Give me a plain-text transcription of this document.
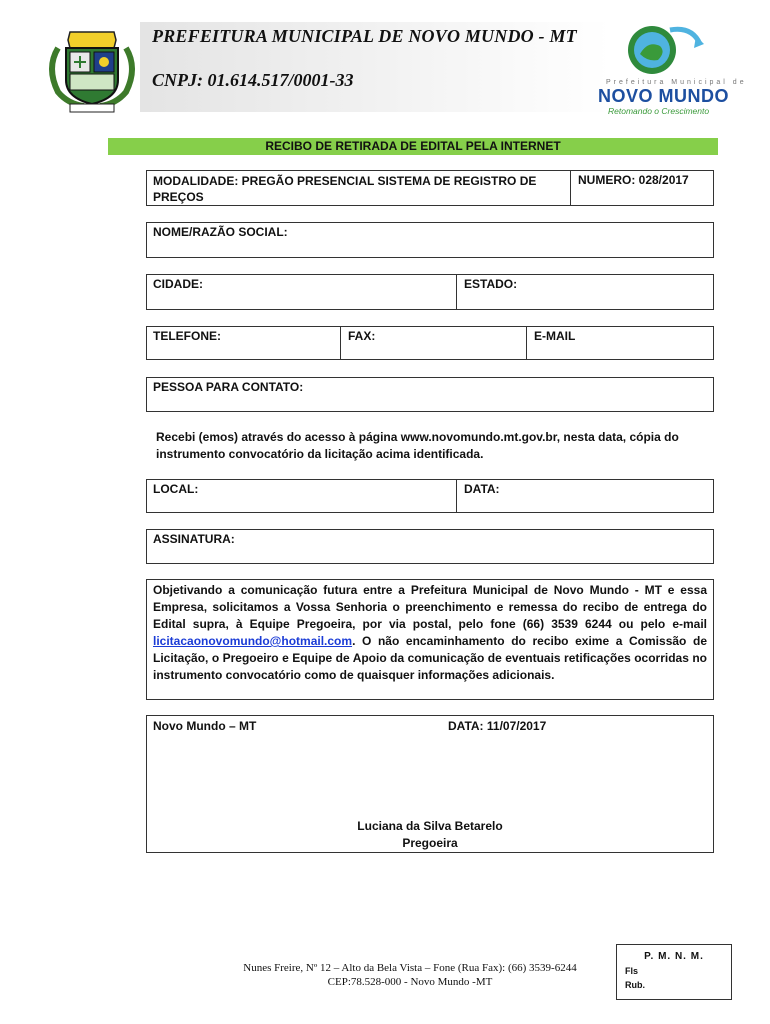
PREFEITURA MUNICIPAL DE NOVO MUNDO - MT
CNPJ: 01.614.517/0001-33	Prefeitura Municipal de
NOVO MUNDO
Retomando o Crescimento
RECIBO DE RETIRADA DE EDITAL PELA INTERNET
MODALIDADE: PREGÃO PRESENCIAL SISTEMA DE REGISTRO DE PREÇOS
NUMERO: 028/2017
NOME/RAZÃO SOCIAL:
CIDADE:	ESTADO:
TELEFONE:	FAX:	E-MAIL
PESSOA PARA CONTATO:
Recebi (emos) através do acesso à página www.novomundo.mt.gov.br, nesta data, cópia do instrumento convocatório da licitação acima identificada.
LOCAL:	DATA:
ASSINATURA:
Objetivando a comunicação futura entre a Prefeitura Municipal de Novo Mundo - MT e essa Empresa, solicitamos a Vossa Senhoria o preenchimento e remessa do recibo de entrega do Edital supra, à Equipe Pregoeira, por via postal, pelo fone (66) 3539 6244 ou pelo e-mail licitacaonovomundo@hotmail.com. O não encaminhamento do recibo exime a Comissão de Licitação, o Pregoeiro e Equipe de Apoio da comunicação de eventuais retificações ocorridas no instrumento convocatório como de quaisquer informações adicionais.
Novo Mundo – MT	DATA: 11/07/2017
Luciana da Silva Betarelo
Pregoeira
Nunes Freire, Nº 12 – Alto da Bela Vista – Fone (Rua Fax): (66) 3539-6244
CEP:78.528-000 - Novo Mundo -MT
P. M. N. M.
Fls
Rub.
